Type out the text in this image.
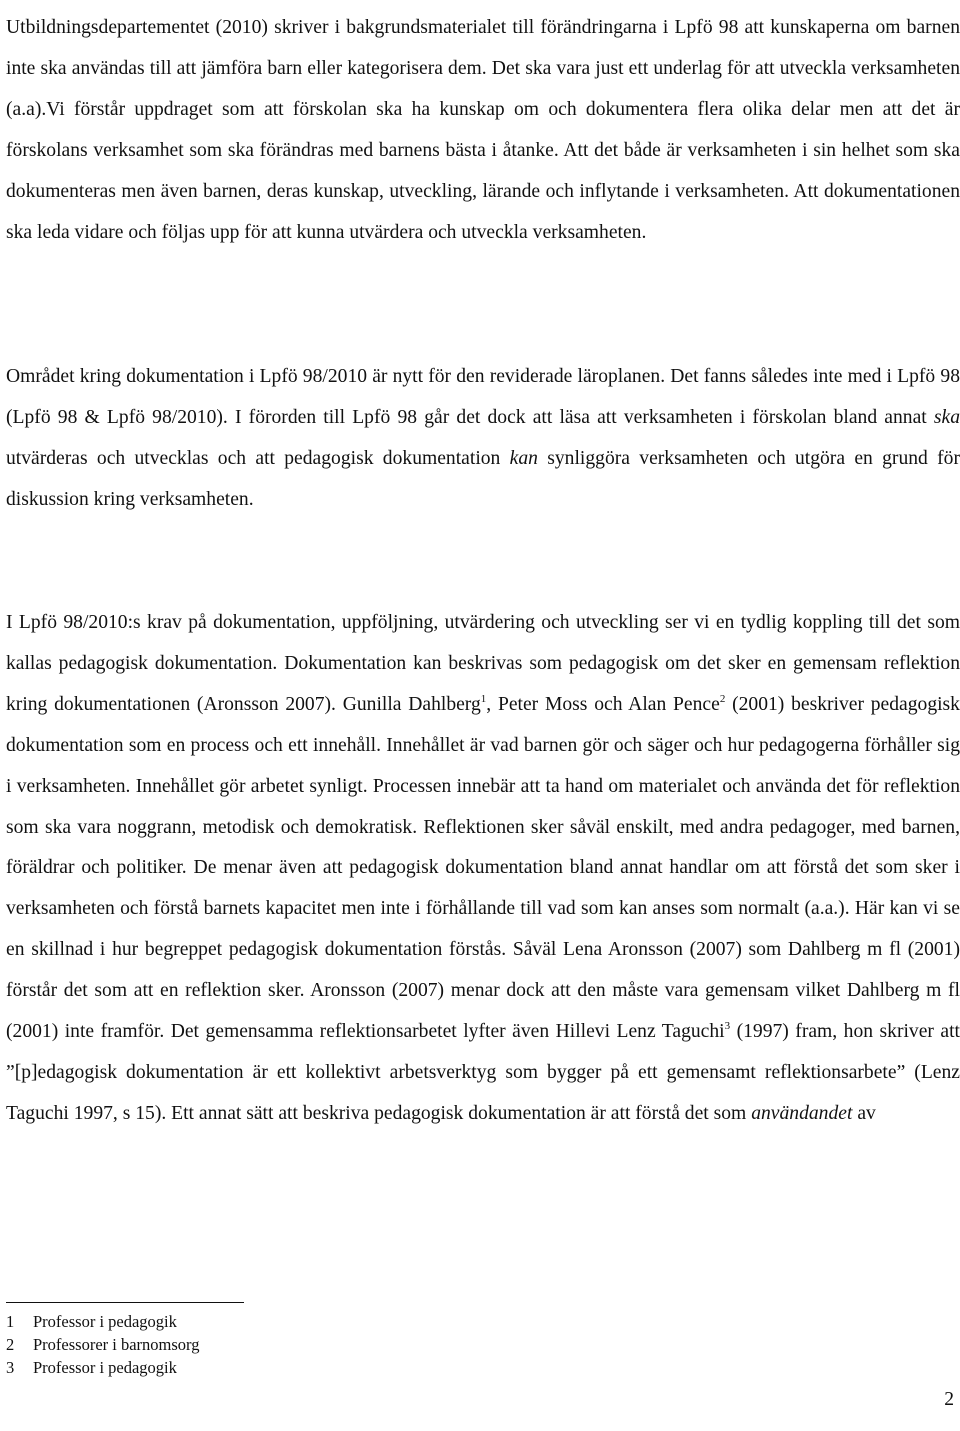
Utbildningsdepartementet (2010) skriver i bakgrundsmaterialet till förändringarna i Lpfö 98 att kunskaperna om barnen inte ska användas till att jämföra barn eller kategorisera dem. Det ska vara just ett underlag för att utveckla verksamheten (a.a).Vi förstår uppdraget som att förskolan ska ha kunskap om och dokumentera flera olika delar men att det är förskolans verksamhet som ska förändras med barnens bästa i åtanke. Att det både är verksamheten i sin helhet som ska dokumenteras men även barnen, deras kunskap, utveckling, lärande och inflytande i verksamheten. Att dokumentationen ska leda vidare och följas upp för att kunna utvärdera och utveckla verksamheten.

Området kring dokumentation i Lpfö 98/2010 är nytt för den reviderade läroplanen. Det fanns således inte med i Lpfö 98 (Lpfö 98 & Lpfö 98/2010). I förorden till Lpfö 98 går det dock att läsa att verksamheten i förskolan bland annat ska utvärderas och utvecklas och att pedagogisk dokumentation kan synliggöra verksamheten och utgöra en grund för diskussion kring verksamheten.

I Lpfö 98/2010:s krav på dokumentation, uppföljning, utvärdering och utveckling ser vi en tydlig koppling till det som kallas pedagogisk dokumentation. Dokumentation kan beskrivas som pedagogisk om det sker en gemensam reflektion kring dokumentationen (Aronsson 2007). Gunilla Dahlberg$^1$, Peter Moss och Alan Pence$^2$ (2001) beskriver pedagogisk dokumentation som en process och ett innehåll. Innehållet är vad barnen gör och säger och hur pedagogerna förhåller sig i verksamheten. Innehållet gör arbetet synligt. Processen innebär att ta hand om materialet och använda det för reflektion som ska vara noggrann, metodisk och demokratisk. Reflektionen sker såväl enskilt, med andra pedagoger, med barnen, föräldrar och politiker. De menar även att pedagogisk dokumentation bland annat handlar om att förstå det som sker i verksamheten och förstå barnets kapacitet men inte i förhållande till vad som kan anses som normalt (a.a.). Här kan vi se en skillnad i hur begreppet pedagogisk dokumentation förstås. Såväl Lena Aronsson (2007) som Dahlberg m fl (2001) förstår det som att en reflektion sker. Aronsson (2007) menar dock att den måste vara gemensam vilket Dahlberg m fl (2001) inte framför. Det gemensamma reflektionsarbetet lyfter även Hillevi Lenz Taguchi$^3$ (1997) fram, hon skriver att ”[p]edagogisk dokumentation är ett kollektivt arbetsverktyg som bygger på ett gemensamt reflektionsarbete” (Lenz Taguchi 1997, s 15). Ett annat sätt att beskriva pedagogisk dokumentation är att förstå det som användandet av

1	Professor i pedagogik
2	Professorer i barnomsorg
3	Professor i pedagogik
2
